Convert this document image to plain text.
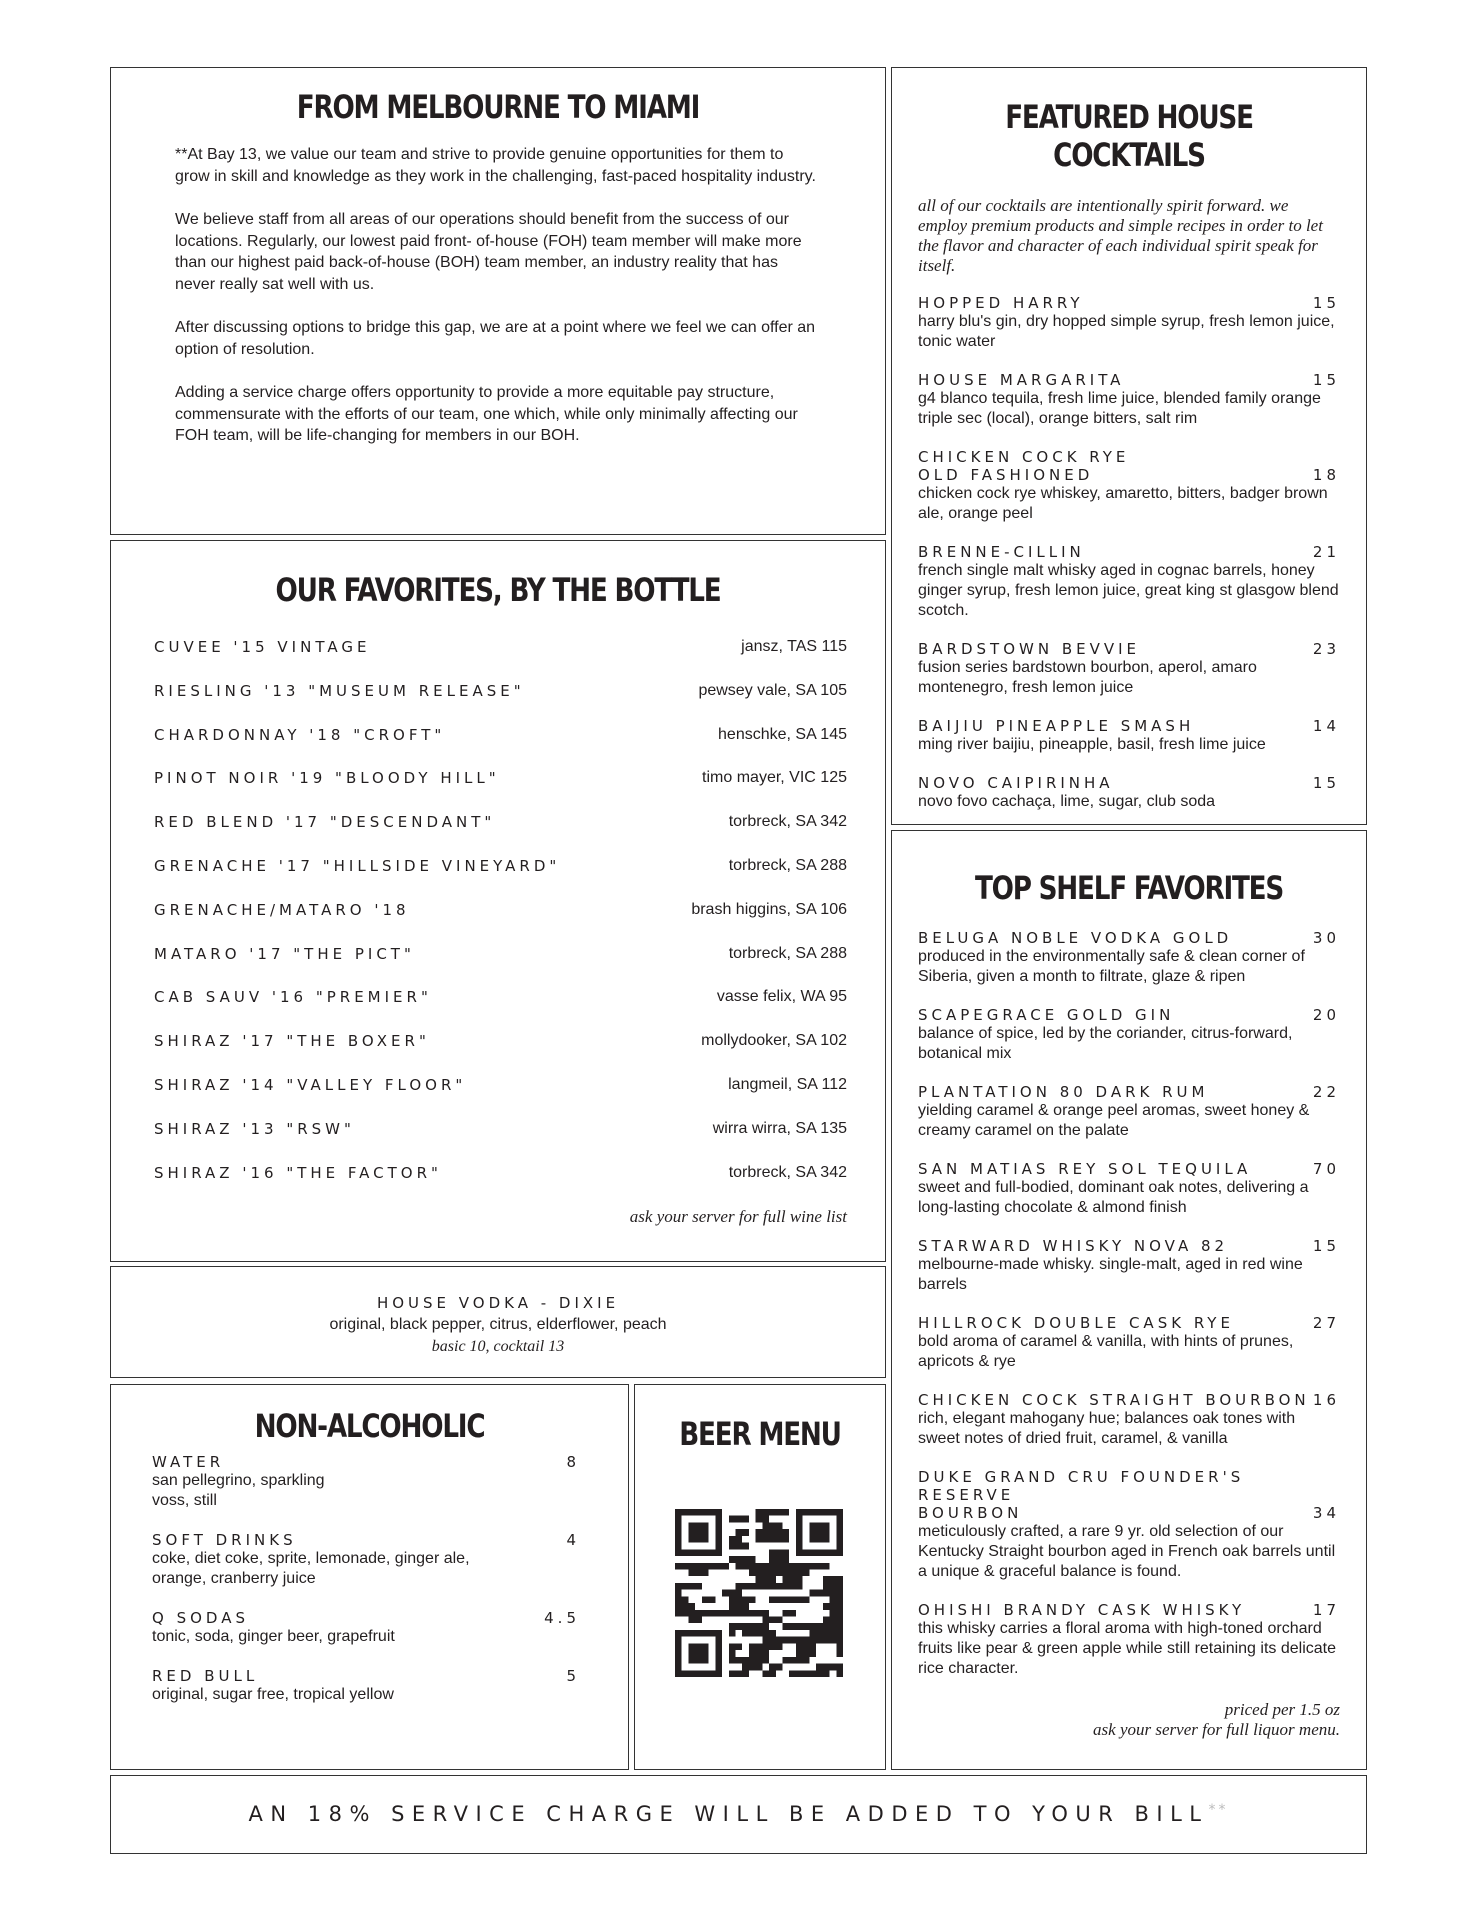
FROM MELBOURNE TO MIAMI

**At Bay 13, we value our team and strive to provide genuine opportunities for them to grow in skill and knowledge as they work in the challenging, fast-paced hospitality industry.

We believe staff from all areas of our operations should benefit from the success of our locations. Regularly, our lowest paid front- of-house (FOH) team member will make more than our highest paid back-of-house (BOH) team member, an industry reality that has never really sat well with us.

After discussing options to bridge this gap, we are at a point where we feel we can offer an option of resolution.

Adding a service charge offers opportunity to provide a more equitable pay structure, commensurate with the efforts of our team, one which, while only minimally affecting our FOH team, will be life-changing for members in our BOH.

OUR FAVORITES, BY THE BOTTLE
CUVEE '15 VINTAGE	jansz, TAS 115
RIESLING '13 "MUSEUM RELEASE"	pewsey vale, SA 105
CHARDONNAY '18 "CROFT"	henschke, SA 145
PINOT NOIR '19 "BLOODY HILL"	timo mayer, VIC 125
RED BLEND '17 "DESCENDANT"	torbreck, SA 342
GRENACHE '17 "HILLSIDE VINEYARD"	torbreck, SA 288
GRENACHE/MATARO '18	brash higgins, SA 106
MATARO '17 "THE PICT"	torbreck, SA 288
CAB SAUV '16 "PREMIER"	vasse felix, WA 95
SHIRAZ '17 "THE BOXER"	mollydooker, SA 102
SHIRAZ '14 "VALLEY FLOOR"	langmeil, SA 112
SHIRAZ '13 "RSW"	wirra wirra, SA 135
SHIRAZ '16 "THE FACTOR"	torbreck, SA 342
ask your server for full wine list
HOUSE VODKA - DIXIE
original, black pepper, citrus, elderflower, peach
basic 10, cocktail 13
NON-ALCOHOLIC
WATER	8
san pellegrino, sparkling
voss, still
SOFT DRINKS	4
coke, diet coke, sprite, lemonade, ginger ale,
orange, cranberry juice
Q SODAS	4.5
tonic, soda, ginger beer, grapefruit
RED BULL	5
original, sugar free, tropical yellow
BEER MENU
FEATURED HOUSE COCKTAILS
all of our cocktails are intentionally spirit forward. we employ premium products and simple recipes in order to let the flavor and character of each individual spirit speak for itself.
HOPPED HARRY	15
harry blu's gin, dry hopped simple syrup, fresh lemon juice, tonic water
HOUSE MARGARITA	15
g4 blanco tequila, fresh lime juice, blended family orange triple sec (local), orange bitters, salt rim
CHICKEN COCK RYE
OLD FASHIONED	18
chicken cock rye whiskey, amaretto, bitters, badger brown ale, orange peel
BRENNE-CILLIN	21
french single malt whisky aged in cognac barrels, honey ginger syrup, fresh lemon juice, great king st glasgow blend scotch.
BARDSTOWN BEVVIE	23
fusion series bardstown bourbon, aperol, amaro montenegro, fresh lemon juice
BAIJIU PINEAPPLE SMASH	14
ming river baijiu, pineapple, basil, fresh lime juice
NOVO CAIPIRINHA	15
novo fovo cachaça, lime, sugar, club soda
TOP SHELF FAVORITES
BELUGA NOBLE VODKA GOLD	30
produced in the environmentally safe & clean corner of Siberia, given a month to filtrate, glaze & ripen
SCAPEGRACE GOLD GIN	20
balance of spice, led by the coriander, citrus-forward, botanical mix
PLANTATION 80 DARK RUM	22
yielding caramel & orange peel aromas, sweet honey & creamy caramel on the palate
SAN MATIAS REY SOL TEQUILA	70
sweet and full-bodied, dominant oak notes, delivering a long-lasting chocolate & almond finish
STARWARD WHISKY NOVA 82	15
melbourne-made whisky. single-malt, aged in red wine barrels
HILLROCK DOUBLE CASK RYE	27
bold aroma of caramel & vanilla, with hints of prunes, apricots & rye
CHICKEN COCK STRAIGHT BOURBON 16
rich, elegant mahogany hue; balances oak tones with sweet notes of dried fruit, caramel, & vanilla
DUKE GRAND CRU FOUNDER'S RESERVE
BOURBON	34
meticulously crafted, a rare 9 yr. old selection of our Kentucky Straight bourbon aged in French oak barrels until a unique & graceful balance is found.
OHISHI BRANDY CASK WHISKY	17
this whisky carries a floral aroma with high-toned orchard fruits like pear & green apple while still retaining its delicate rice character.
priced per 1.5 oz
ask your server for full liquor menu.
AN 18% SERVICE CHARGE WILL BE ADDED TO YOUR BILL**
